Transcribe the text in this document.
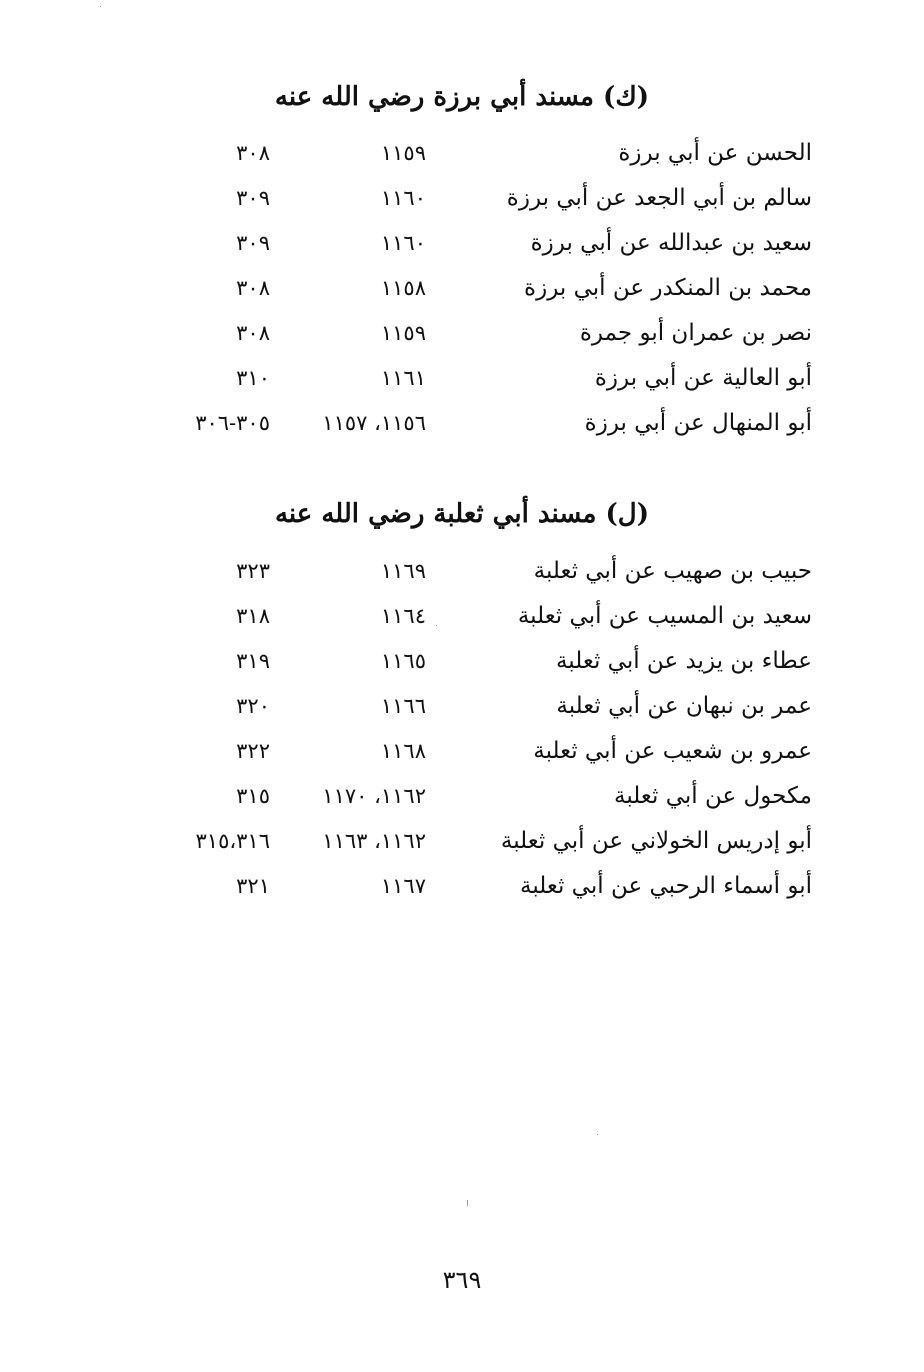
(ك) مسند أبي برزة رضي الله عنه
الحسن عن أبي برزة
١١٥٩
٣٠٨
سالم بن أبي الجعد عن أبي برزة
١١٦٠
٣٠٩
سعيد بن عبدالله عن أبي برزة
١١٦٠
٣٠٩
محمد بن المنكدر عن أبي برزة
١١٥٨
٣٠٨
نصر بن عمران أبو جمرة
١١٥٩
٣٠٨
أبو العالية عن أبي برزة
١١٦١
٣١٠
أبو المنهال عن أبي برزة
١١٥٦، ١١٥٧
٣٠٥-٣٠٦
(ل) مسند أبي ثعلبة رضي الله عنه
حبيب بن صهيب عن أبي ثعلبة
١١٦٩
٣٢٣
سعيد بن المسيب عن أبي ثعلبة
١١٦٤
٣١٨
عطاء بن يزيد عن أبي ثعلبة
١١٦٥
٣١٩
عمر بن نبهان عن أبي ثعلبة
١١٦٦
٣٢٠
عمرو بن شعيب عن أبي ثعلبة
١١٦٨
٣٢٢
مكحول عن أبي ثعلبة
١١٦٢، ١١٧٠
٣١٥
أبو إدريس الخولاني عن أبي ثعلبة
١١٦٢، ١١٦٣
٣١٥،٣١٦
أبو أسماء الرحبي عن أبي ثعلبة
١١٦٧
٣٢١
٣٦٩
